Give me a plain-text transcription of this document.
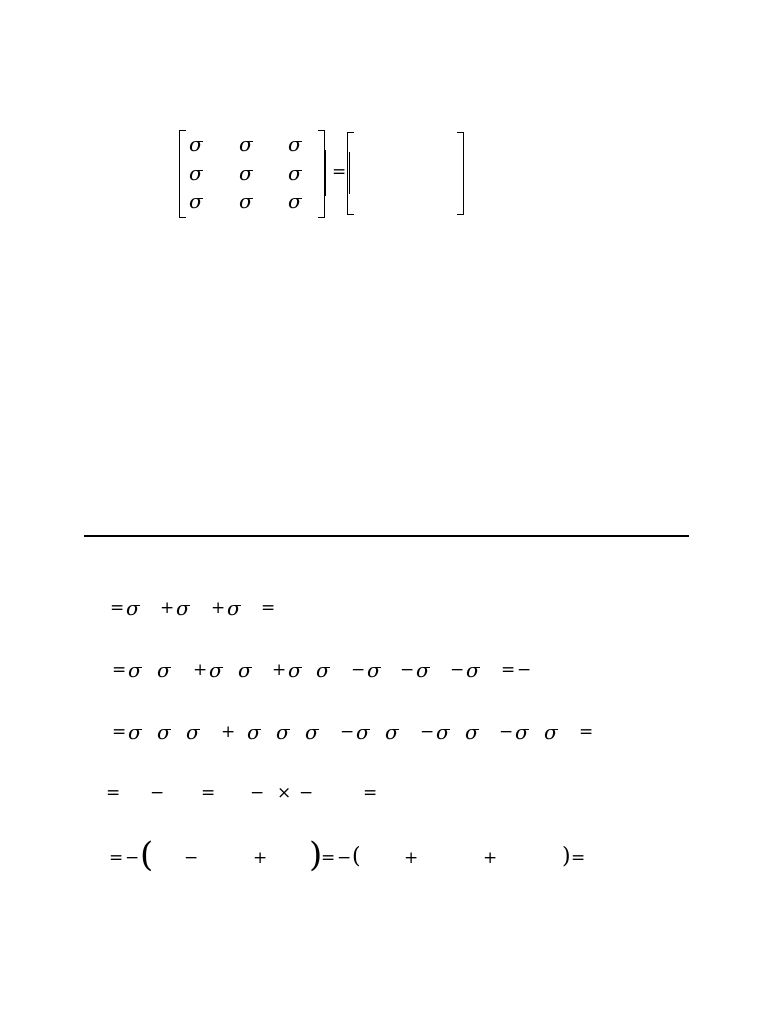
σ σ σ
σ σ σ
σ σ σ
=
= σ + σ + σ =
= σ σ + σ σ + σ σ − σ − σ − σ = −
= σ σ σ + σ σ σ − σ σ − σ σ − σ σ =
= − = − × −	=
= − ( −	+ )
= − (	+	+	) =
